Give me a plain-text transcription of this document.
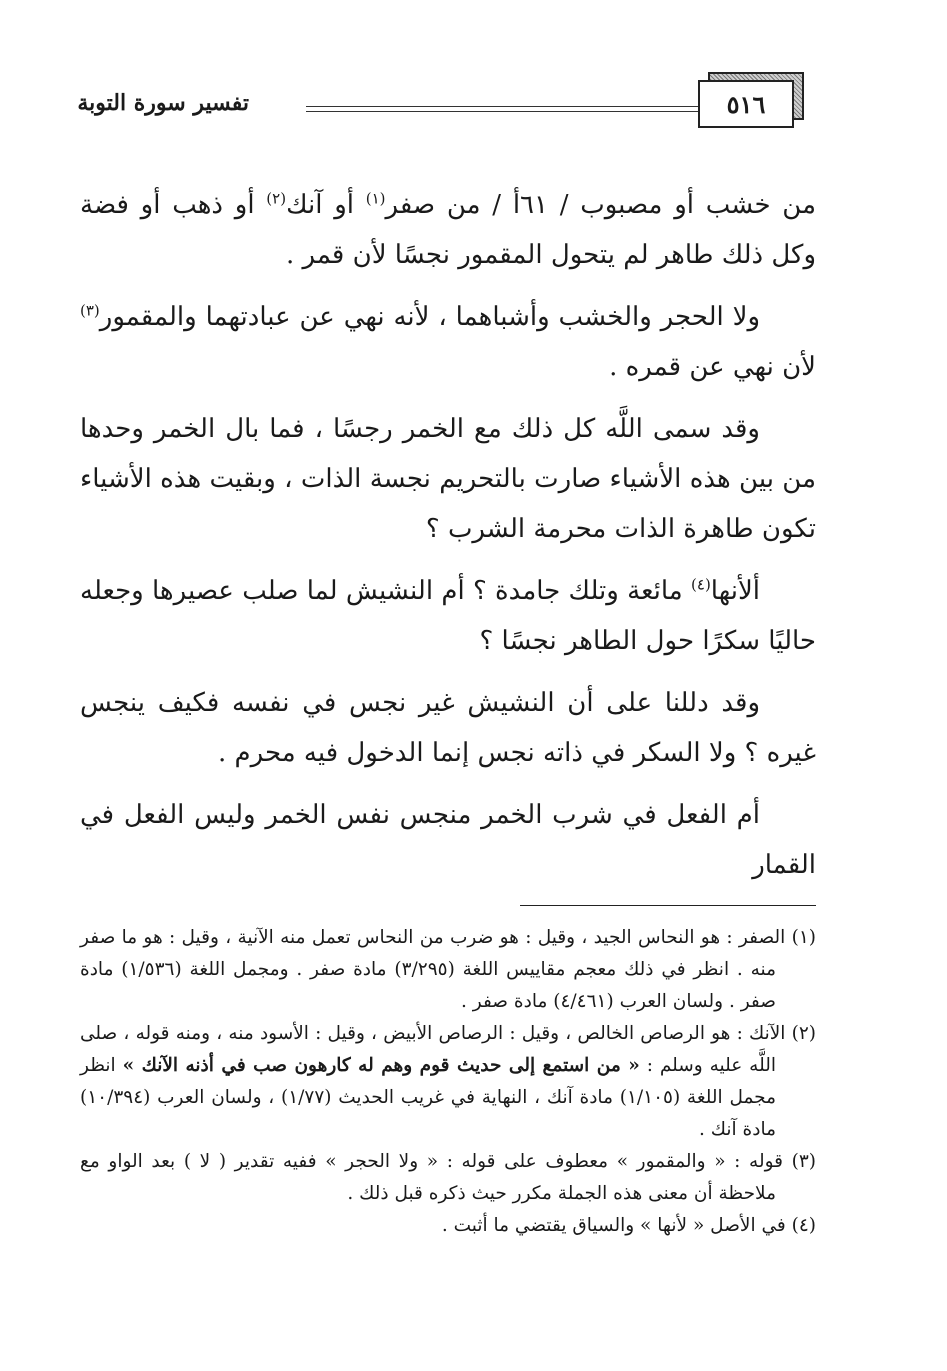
٥١٦
تفسير سورة التوبة

من خشب أو مصبوب / ٦١أ / من صفر$^{(١)}$ أو آنك$^{(٢)}$ أو ذهب أو فضة وكل ذلك طاهر لم يتحول المقمور نجسًا لأن قمر .

ولا الحجر والخشب وأشباهما ، لأنه نهي عن عبادتهما والمقمور$^{(٣)}$ لأن نهي عن قمره .

وقد سمى اللَّه كل ذلك مع الخمر رجسًا ، فما بال الخمر وحدها من بين هذه الأشياء صارت بالتحريم نجسة الذات ، وبقيت هذه الأشياء تكون طاهرة الذات محرمة الشرب ؟

ألأنها$^{(٤)}$ مائعة وتلك جامدة ؟ أم النشيش لما صلب عصيرها وجعله حاليًا سكرًا حول الطاهر نجسًا ؟

وقد دللنا على أن النشيش غير نجس في نفسه فكيف ينجس غيره ؟ ولا السكر في ذاته نجس إنما الدخول فيه محرم .

أم الفعل في شرب الخمر منجس نفس الخمر وليس الفعل في القمار

(١) الصفر : هو النحاس الجيد ، وقيل : هو ضرب من النحاس تعمل منه الآنية ، وقيل : هو ما صفر منه . انظر في ذلك معجم مقاييس اللغة (٣/٢٩٥) مادة صفر . ومجمل اللغة (١/٥٣٦) مادة صفر . ولسان العرب (٤/٤٦١) مادة صفر .

(٢) الآنك : هو الرصاص الخالص ، وقيل : الرصاص الأبيض ، وقيل : الأسود منه ، ومنه قوله ، صلى اللَّه عليه وسلم : « من استمع إلى حديث قوم وهم له كارهون صب في أذنه الآنك » انظر مجمل اللغة (١/١٠٥) مادة آنك ، النهاية في غريب الحديث (١/٧٧) ، ولسان العرب (١٠/٣٩٤) مادة آنك .

(٣) قوله : « والمقمور » معطوف على قوله : « ولا الحجر » ففيه تقدير ( لا ) بعد الواو مع ملاحظة أن معنى هذه الجملة مكرر حيث ذكره قبل ذلك .

(٤) في الأصل « لأنها » والسياق يقتضي ما أثبت .
